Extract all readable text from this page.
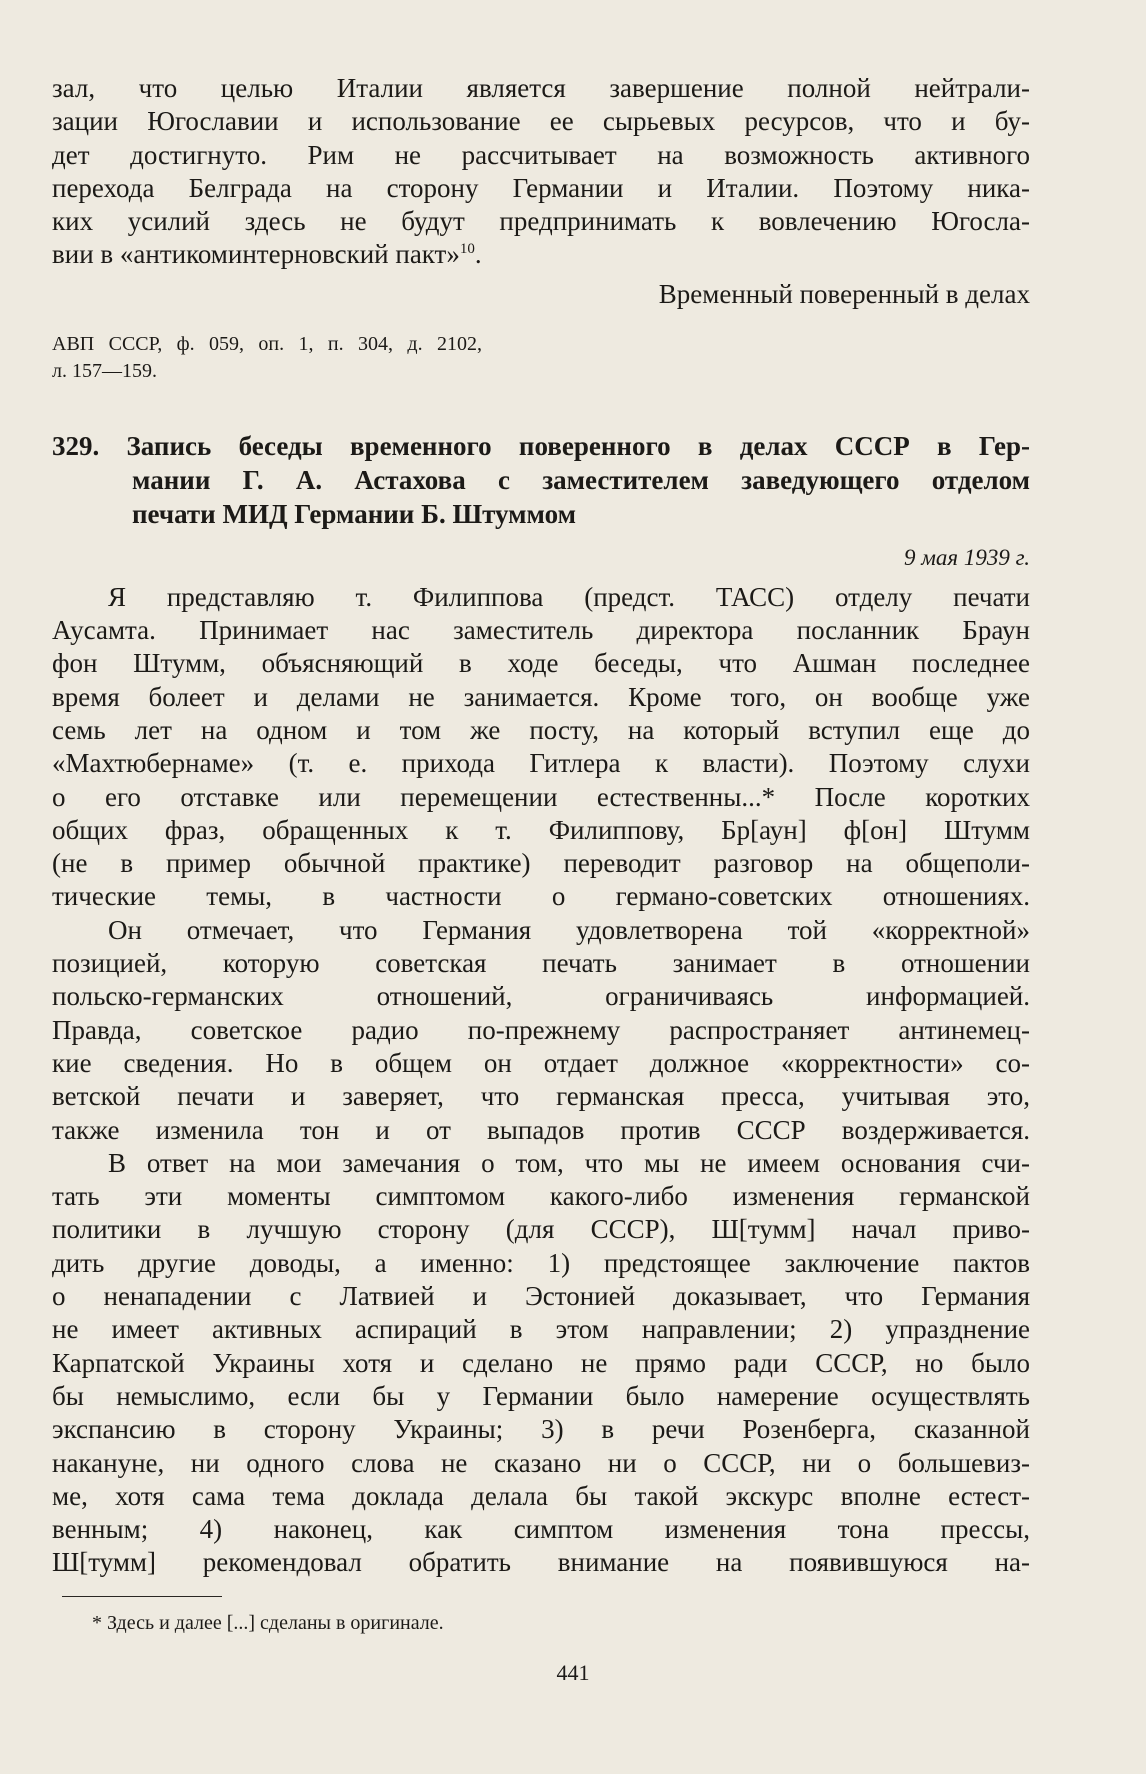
зал, что целью Италии является завершение полной нейтрали-

зации Югославии и использование ее сырьевых ресурсов, что и бу-

дет достигнуто. Рим не рассчитывает на возможность активного

перехода Белграда на сторону Германии и Италии. Поэтому ника-

ких усилий здесь не будут предпринимать к вовлечению Югосла-

вии в «антикоминтерновский пакт»$^{10}$.

Временный поверенный в делах

АВП СССР, ф. 059, оп. 1, п. 304, д. 2102,
л. 157—159.
329. Запись беседы временного поверенного в делах СССР в Гер-
мании Г. А. Астахова с заместителем заведующего отделом
печати МИД Германии Б. Штуммом
9 мая 1939 г.

Я представляю т. Филиппова (предст. ТАСС) отделу печати

Аусамта. Принимает нас заместитель директора посланник Браун

фон Штумм, объясняющий в ходе беседы, что Ашман последнее

время болеет и делами не занимается. Кроме того, он вообще уже

семь лет на одном и том же посту, на который вступил еще до

«Махтюбернаме» (т. е. прихода Гитлера к власти). Поэтому слухи

о его отставке или перемещении естественны...* После коротких

общих фраз, обращенных к т. Филиппову, Бр[аун] ф[он] Штумм

(не в пример обычной практике) переводит разговор на общеполи-

тические темы, в частности о германо-советских отношениях.

Он отмечает, что Германия удовлетворена той «корректной»

позицией, которую советская печать занимает в отношении

польско-германских отношений, ограничиваясь информацией.

Правда, советское радио по-прежнему распространяет антинемец-

кие сведения. Но в общем он отдает должное «корректности» со-

ветской печати и заверяет, что германская пресса, учитывая это,

также изменила тон и от выпадов против СССР воздерживается.

В ответ на мои замечания о том, что мы не имеем основания счи-

тать эти моменты симптомом какого-либо изменения германской

политики в лучшую сторону (для СССР), Ш[тумм] начал приво-

дить другие доводы, а именно: 1) предстоящее заключение пактов

о ненападении с Латвией и Эстонией доказывает, что Германия

не имеет активных аспираций в этом направлении; 2) упразднение

Карпатской Украины хотя и сделано не прямо ради СССР, но было

бы немыслимо, если бы у Германии было намерение осуществлять

экспансию в сторону Украины; 3) в речи Розенберга, сказанной

накануне, ни одного слова не сказано ни о СССР, ни о большевиз-

ме, хотя сама тема доклада делала бы такой экскурс вполне естест-

венным; 4) наконец, как симптом изменения тона прессы,

Ш[тумм] рекомендовал обратить внимание на появившуюся на-

* Здесь и далее [...] сделаны в оригинале.
441
